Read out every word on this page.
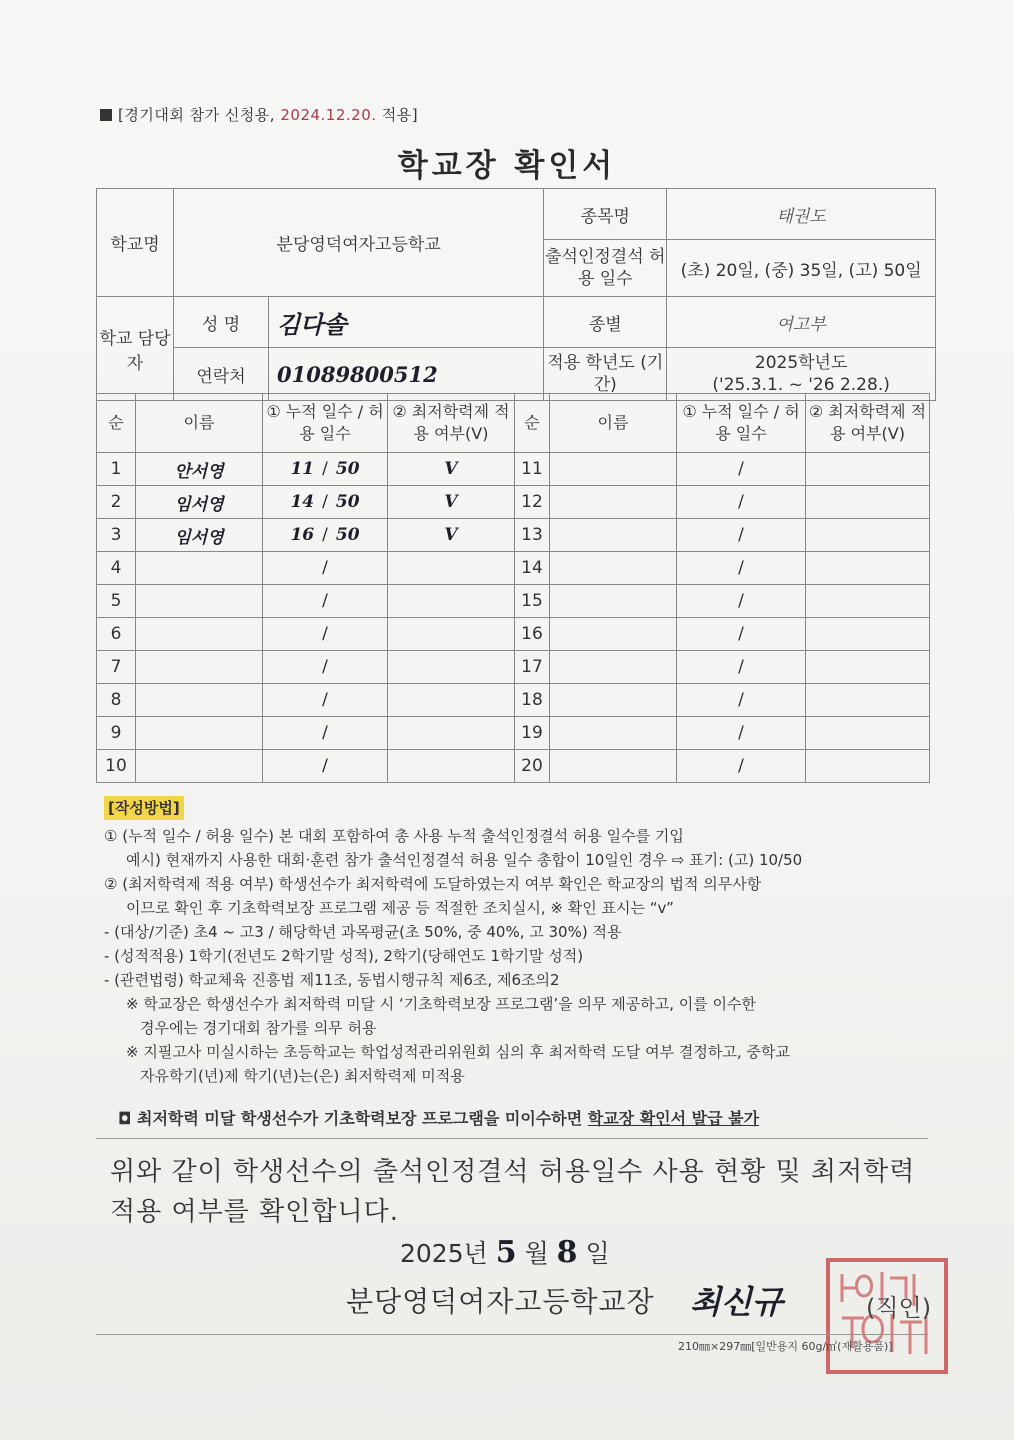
[경기대회 참가 신청용, 2024.12.20. 적용]
학교장 확인서
학교명	분당영덕여자고등학교		종목명	태권도
			출석인정결석 허용 일수	(초) 20일, (중) 35일, (고) 50일
학교 담당자	성 명	김다솔	종별	여고부
	연락처	01089800512	적용 학년도 (기간)	2025학년도
('25.3.1. ~ '26 2.28.)
순	이름	① 누적 일수 / 허용 일수	② 최저학력제 적용 여부(V)	순	이름	① 누적 일수 / 허용 일수	② 최저학력제 적용 여부(V)
1	안서영	11 / 50	V	11		/	
2	임서영	14 / 50	V	12		/	
3	임서영	16 / 50	V	13		/	
4		/		14		/	
5		/		15		/	
6		/		16		/	
7		/		17		/	
8		/		18		/	
9		/		19		/	
10		/		20		/	
[작성방법]
① (누적 일수 / 허용 일수) 본 대회 포함하여 총 사용 누적 출석인정결석 허용 일수를 기입
예시) 현재까지 사용한 대회·훈련 참가 출석인정결석 허용 일수 총합이 10일인 경우 ⇨ 표기: (고) 10/50
② (최저학력제 적용 여부) 학생선수가 최저학력에 도달하였는지 여부 확인은 학교장의 법적 의무사항
이므로 확인 후 기초학력보장 프로그램 제공 등 적절한 조치실시, ※ 확인 표시는 “v”
- (대상/기준) 초4 ~ 고3 / 해당학년 과목평균(초 50%, 중 40%, 고 30%) 적용
- (성적적용) 1학기(전년도 2학기말 성적), 2학기(당해연도 1학기말 성적)
- (관련법령) 학교체육 진흥법 제11조, 동법시행규칙 제6조, 제6조의2
※ 학교장은 학생선수가 최저학력 미달 시 ‘기초학력보장 프로그램’을 의무 제공하고, 이를 이수한
경우에는 경기대회 참가를 의무 허용
※ 지필고사 미실시하는 초등학교는 학업성적관리위원회 심의 후 최저학력 도달 여부 결정하고, 중학교
자유학기(년)제 학기(년)는(은) 최저학력제 미적용
◘ 최저학력 미달 학생선수가 기초학력보장 프로그램을 미이수하면 학교장 확인서 발급 불가
위와 같이 학생선수의 출석인정결석 허용일수 사용 현황 및 최저학력 적용 여부를 확인합니다.
2025년 5 월 8 일
분당영덕여자고등학교장 최신규	(직인)
210㎜×297㎜[일반용지 60g/㎡(재활용품)]
